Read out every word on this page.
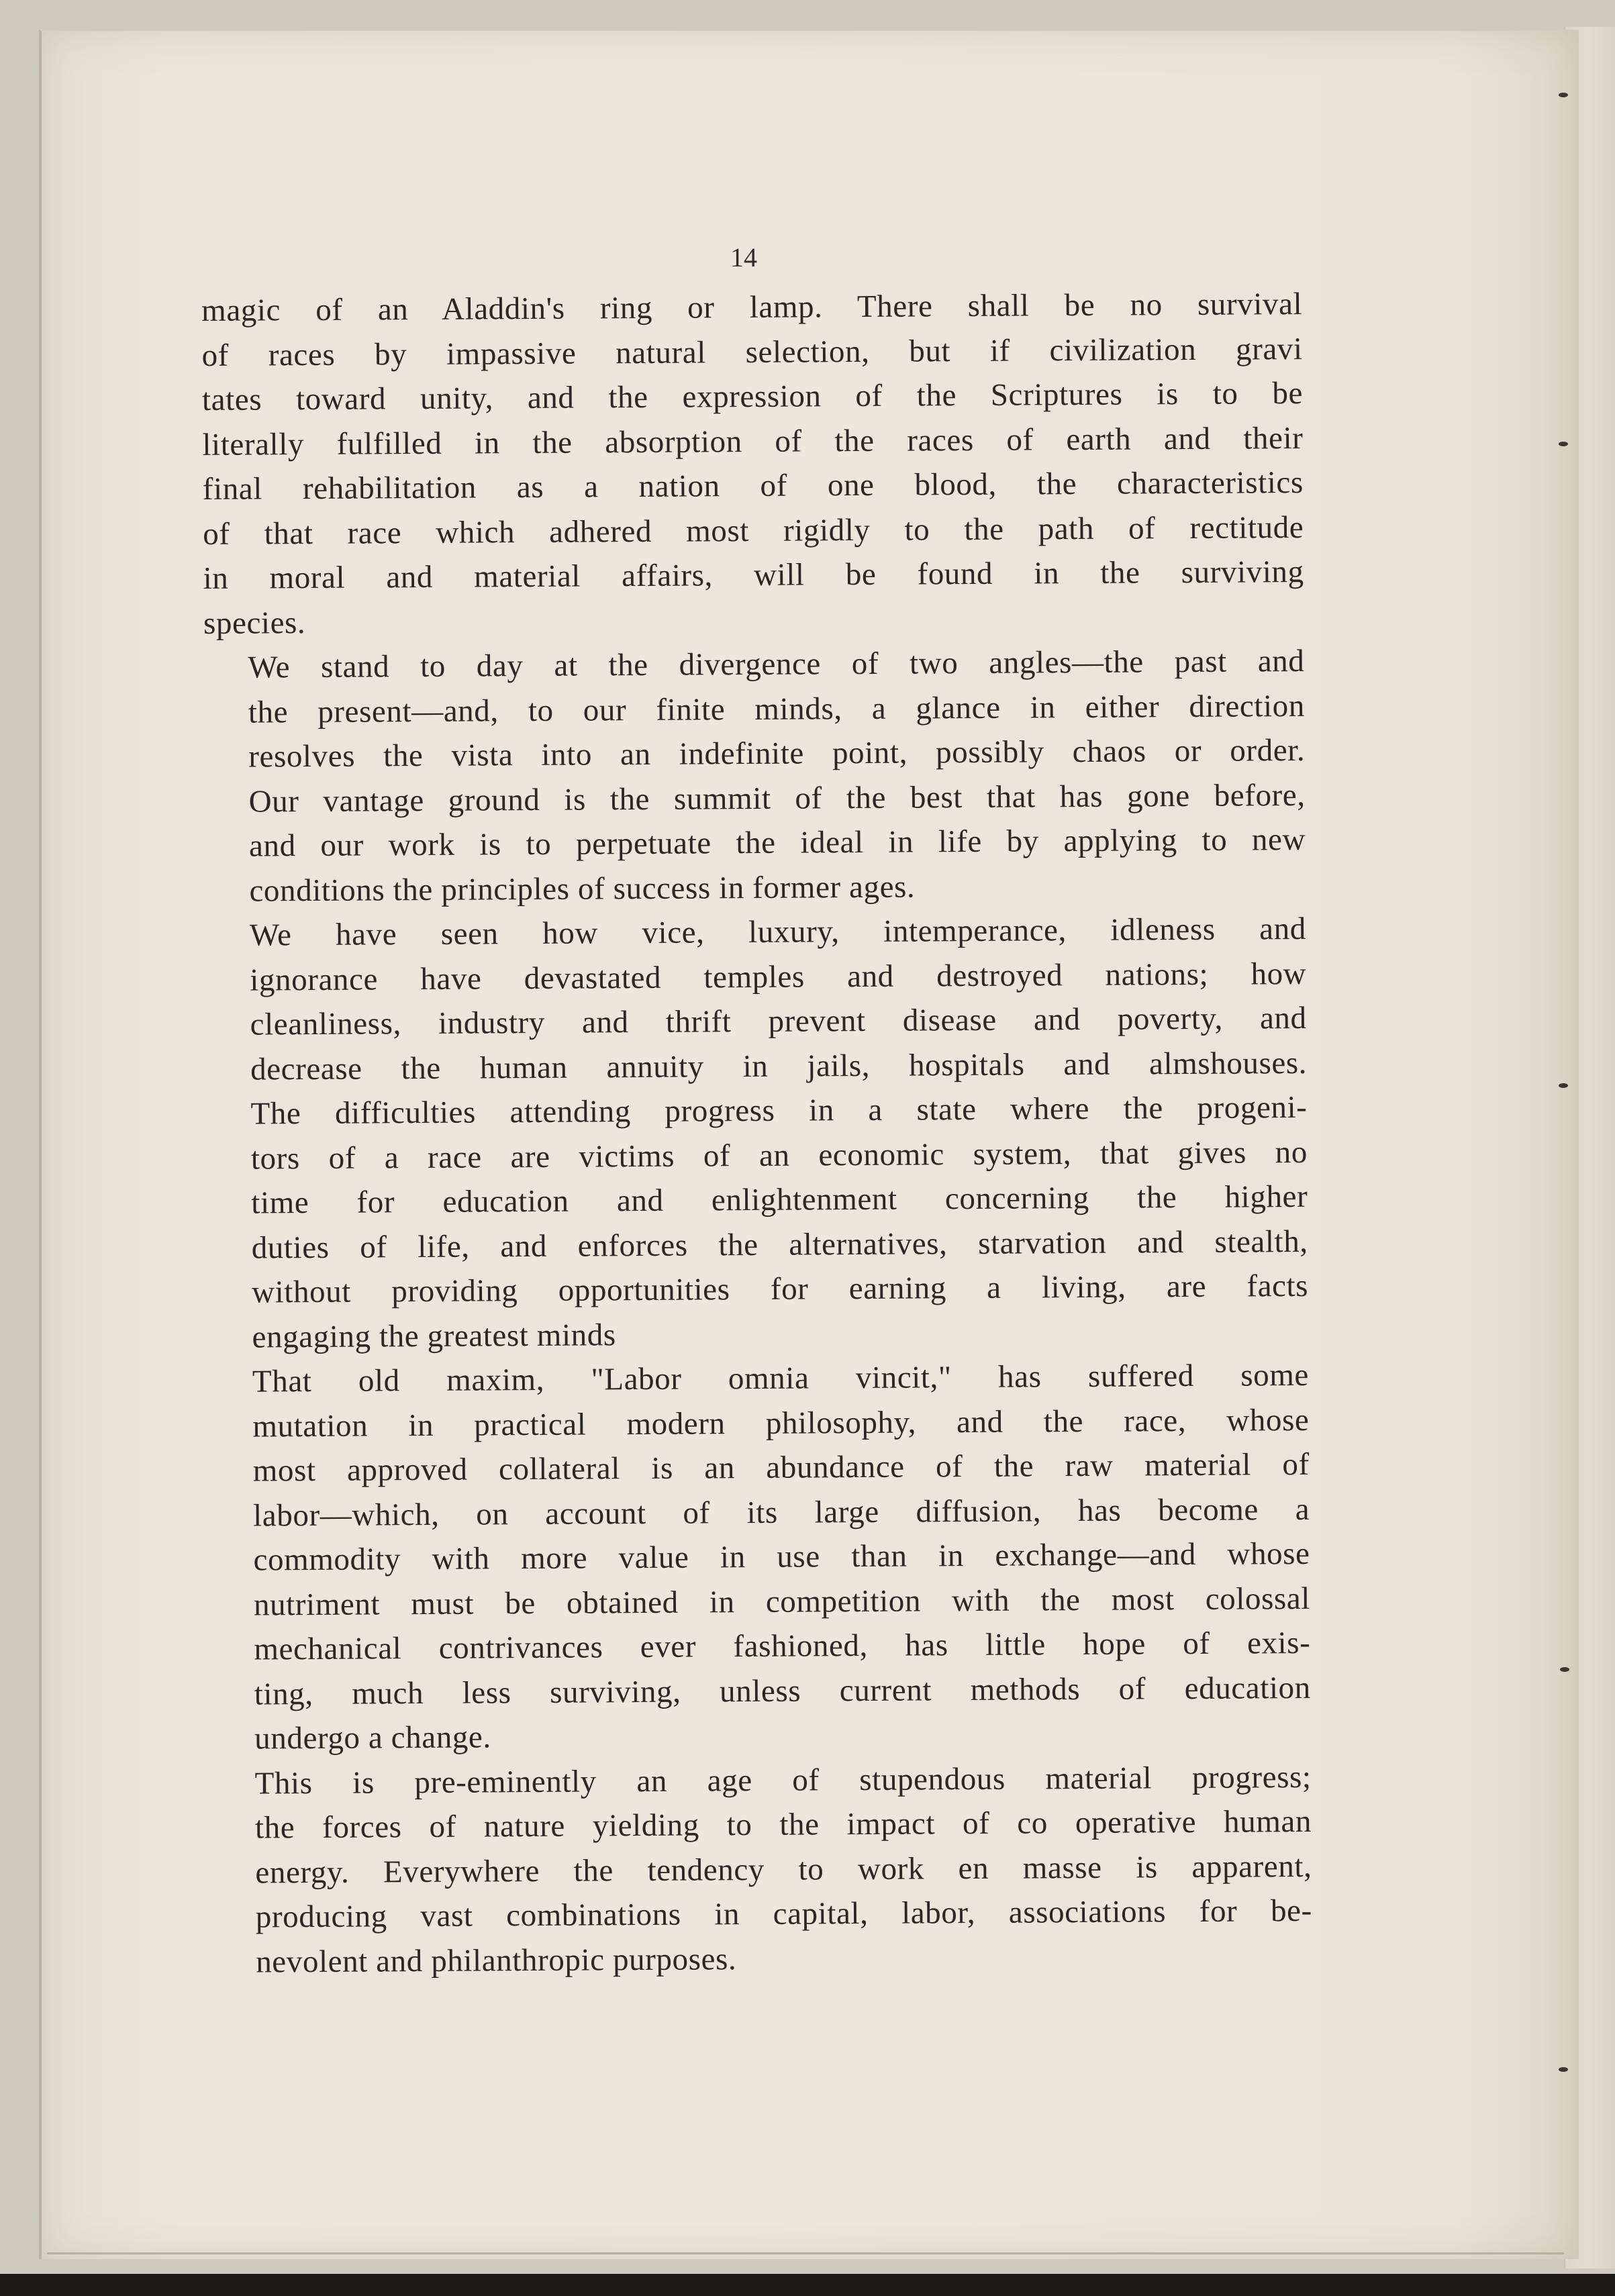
14

magic of an Aladdin's ring or lamp. There shall be no survival
of races by impassive natural selection, but if civilization gravi
tates toward unity, and the expression of the Scriptures is to be
literally fulfilled in the absorption of the races of earth and their
final rehabilitation as a nation of one blood, the characteristics
of that race which adhered most rigidly to the path of rectitude
in moral and material affairs, will be found in the surviving
species.

We stand to day at the divergence of two angles—the past and
the present—and, to our finite minds, a glance in either direction
resolves the vista into an indefinite point, possibly chaos or order.
Our vantage ground is the summit of the best that has gone before,
and our work is to perpetuate the ideal in life by applying to new
conditions the principles of success in former ages.

We have seen how vice, luxury, intemperance, idleness and
ignorance have devastated temples and destroyed nations; how
cleanliness, industry and thrift prevent disease and poverty, and
decrease the human annuity in jails, hospitals and almshouses.
The difficulties attending progress in a state where the progeni-
tors of a race are victims of an economic system, that gives no
time for education and enlightenment concerning the higher
duties of life, and enforces the alternatives, starvation and stealth,
without providing opportunities for earning a living, are facts
engaging the greatest minds

That old maxim, "Labor omnia vincit," has suffered some
mutation in practical modern philosophy, and the race, whose
most approved collateral is an abundance of the raw material of
labor—which, on account of its large diffusion, has become a
commodity with more value in use than in exchange—and whose
nutriment must be obtained in competition with the most colossal
mechanical contrivances ever fashioned, has little hope of exis-
ting, much less surviving, unless current methods of education
undergo a change.

This is pre-eminently an age of stupendous material progress;
the forces of nature yielding to the impact of co operative human
energy. Everywhere the tendency to work en masse is apparent,
producing vast combinations in capital, labor, associations for be-
nevolent and philanthropic purposes.
